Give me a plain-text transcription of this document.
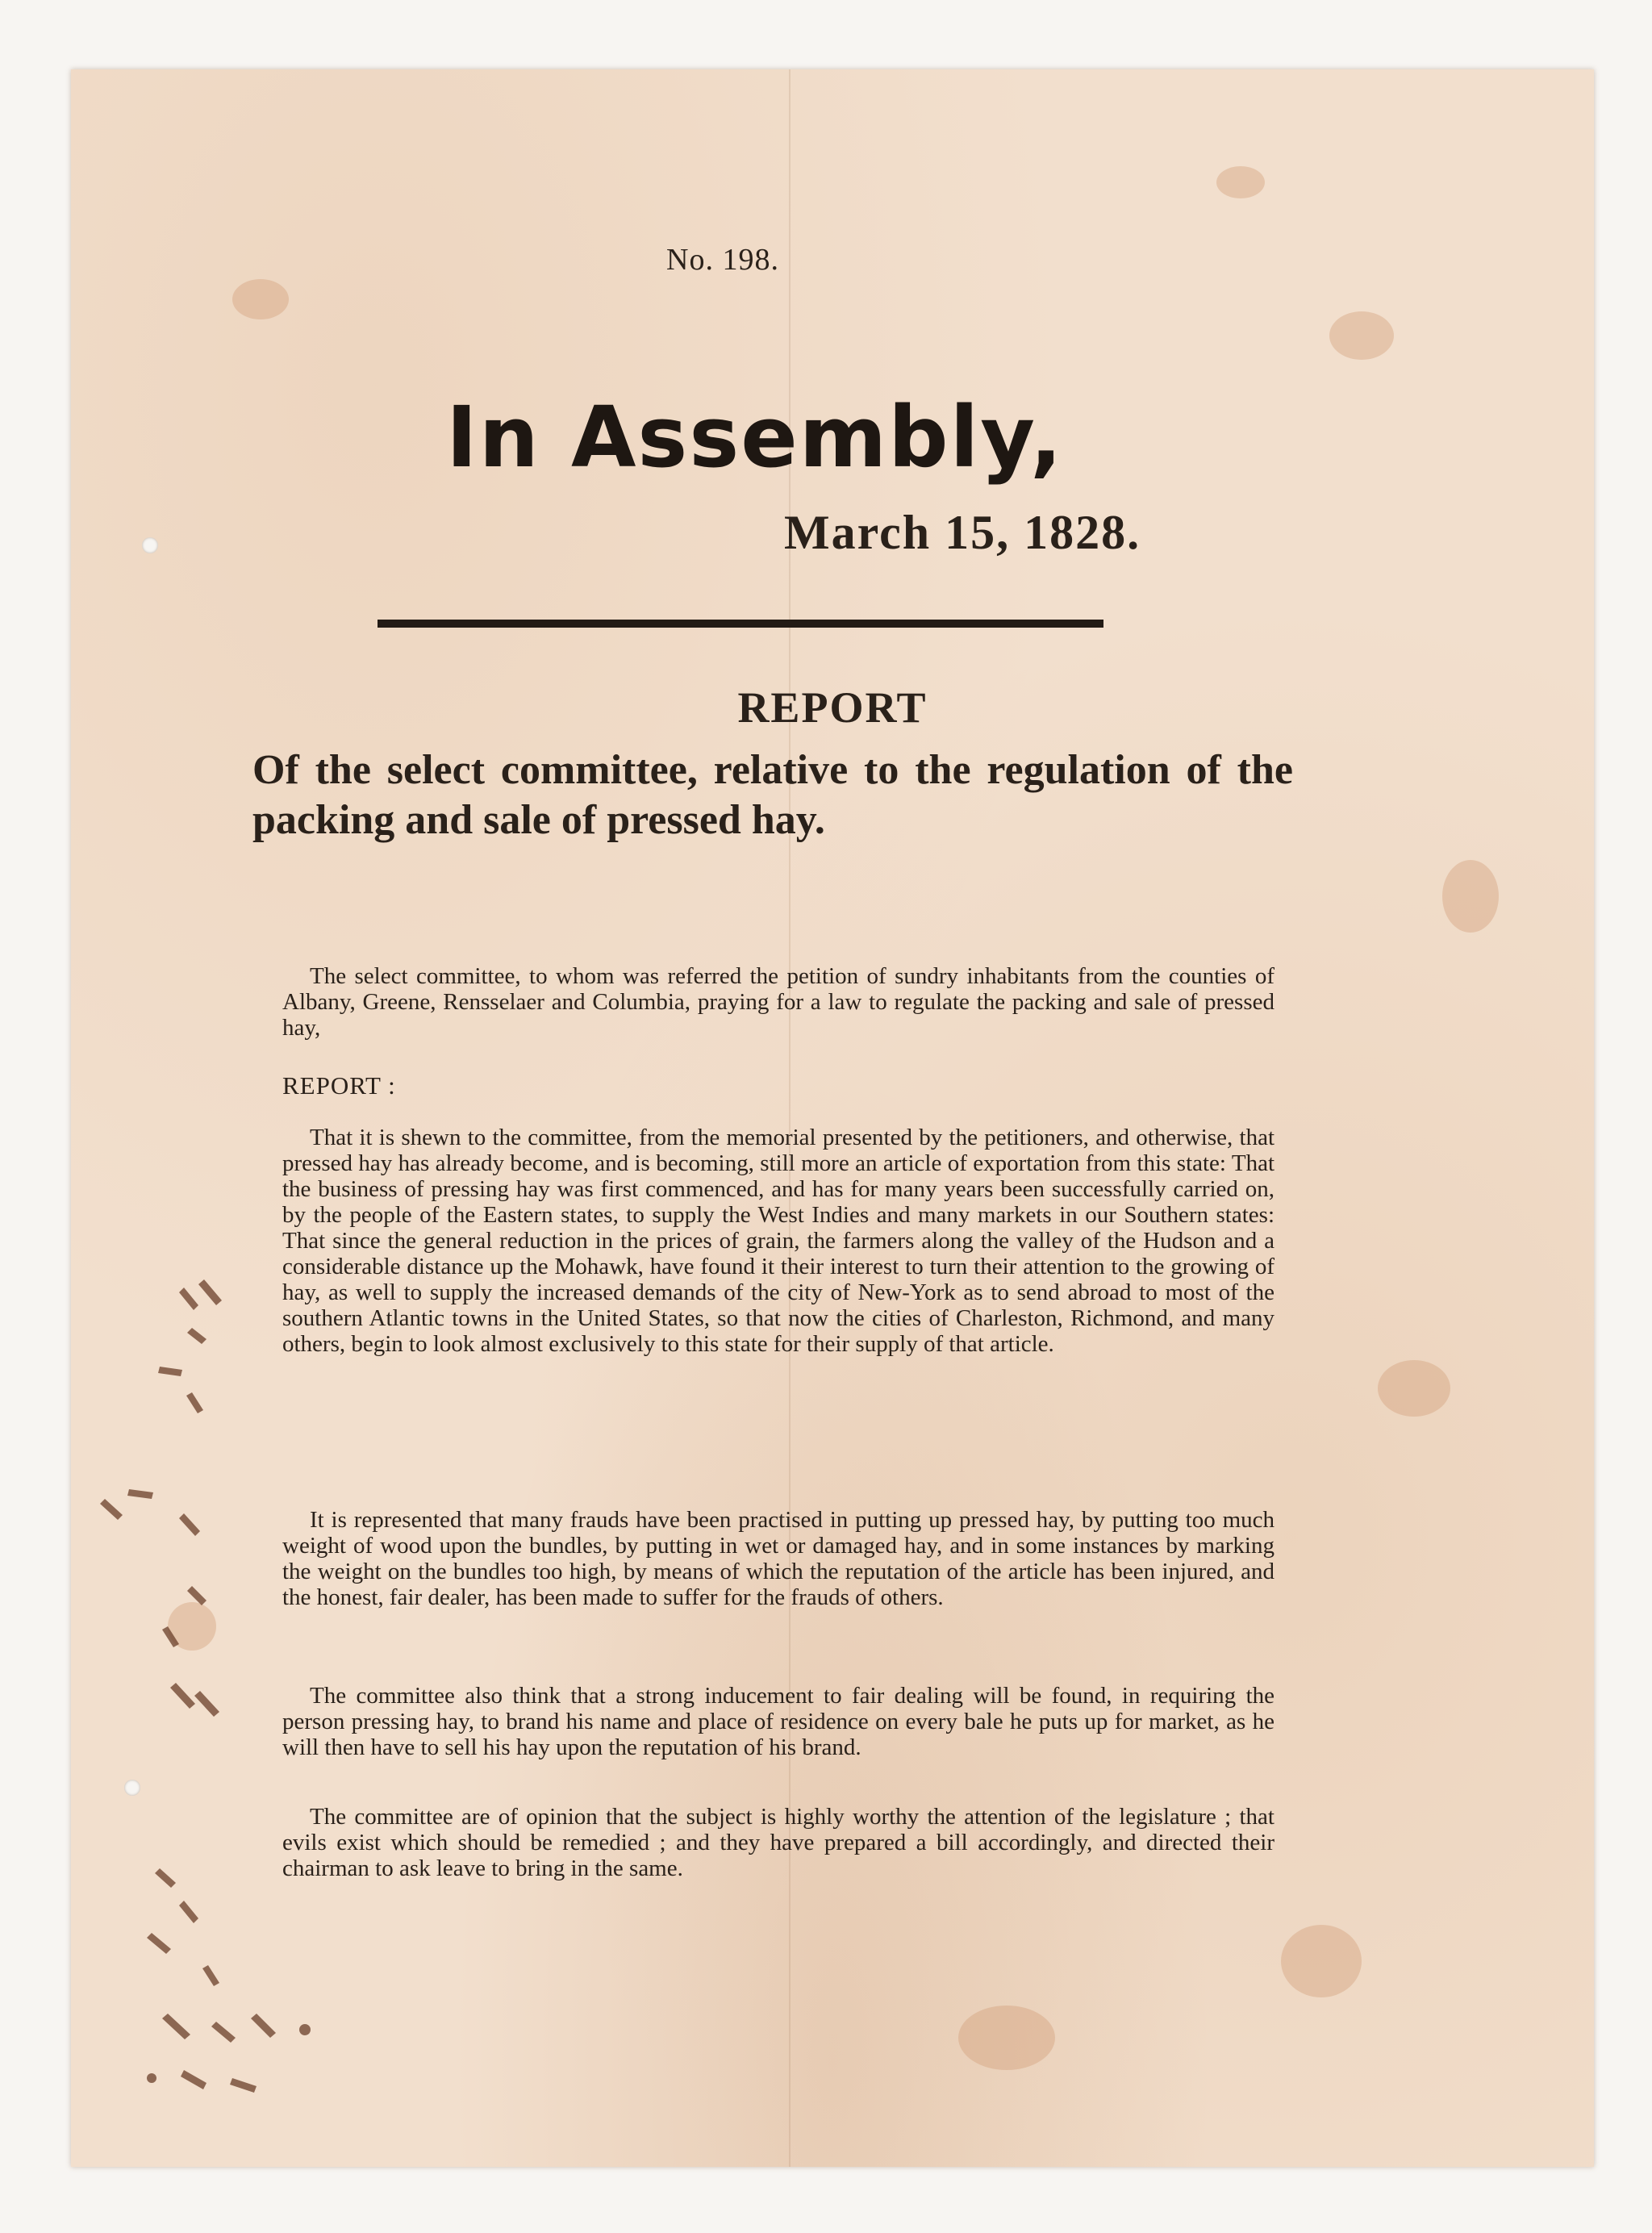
No. 198.

In Assembly,

March 15, 1828.

REPORT
Of the select committee, relative to the regulation of the packing and sale of pressed hay.

The select committee, to whom was referred the petition of sundry inhabitants from the counties of Albany, Greene, Rensselaer and Columbia, praying for a law to regulate the packing and sale of pressed hay,

REPORT :

That it is shewn to the committee, from the memorial presented by the petitioners, and otherwise, that pressed hay has already become, and is becoming, still more an article of exportation from this state: That the business of pressing hay was first commenced, and has for many years been successfully carried on, by the people of the Eastern states, to supply the West Indies and many markets in our Southern states: That since the general reduction in the prices of grain, the farmers along the valley of the Hudson and a considerable distance up the Mohawk, have found it their interest to turn their attention to the growing of hay, as well to supply the increased demands of the city of New-York as to send abroad to most of the southern Atlantic towns in the United States, so that now the cities of Charleston, Richmond, and many others, begin to look almost exclusively to this state for their supply of that article.

It is represented that many frauds have been practised in putting up pressed hay, by putting too much weight of wood upon the bundles, by putting in wet or damaged hay, and in some instances by marking the weight on the bundles too high, by means of which the reputation of the article has been injured, and the honest, fair dealer, has been made to suffer for the frauds of others.

The committee also think that a strong inducement to fair dealing will be found, in requiring the person pressing hay, to brand his name and place of residence on every bale he puts up for market, as he will then have to sell his hay upon the reputation of his brand.

The committee are of opinion that the subject is highly worthy the attention of the legislature ; that evils exist which should be remedied ; and they have prepared a bill accordingly, and directed their chairman to ask leave to bring in the same.
